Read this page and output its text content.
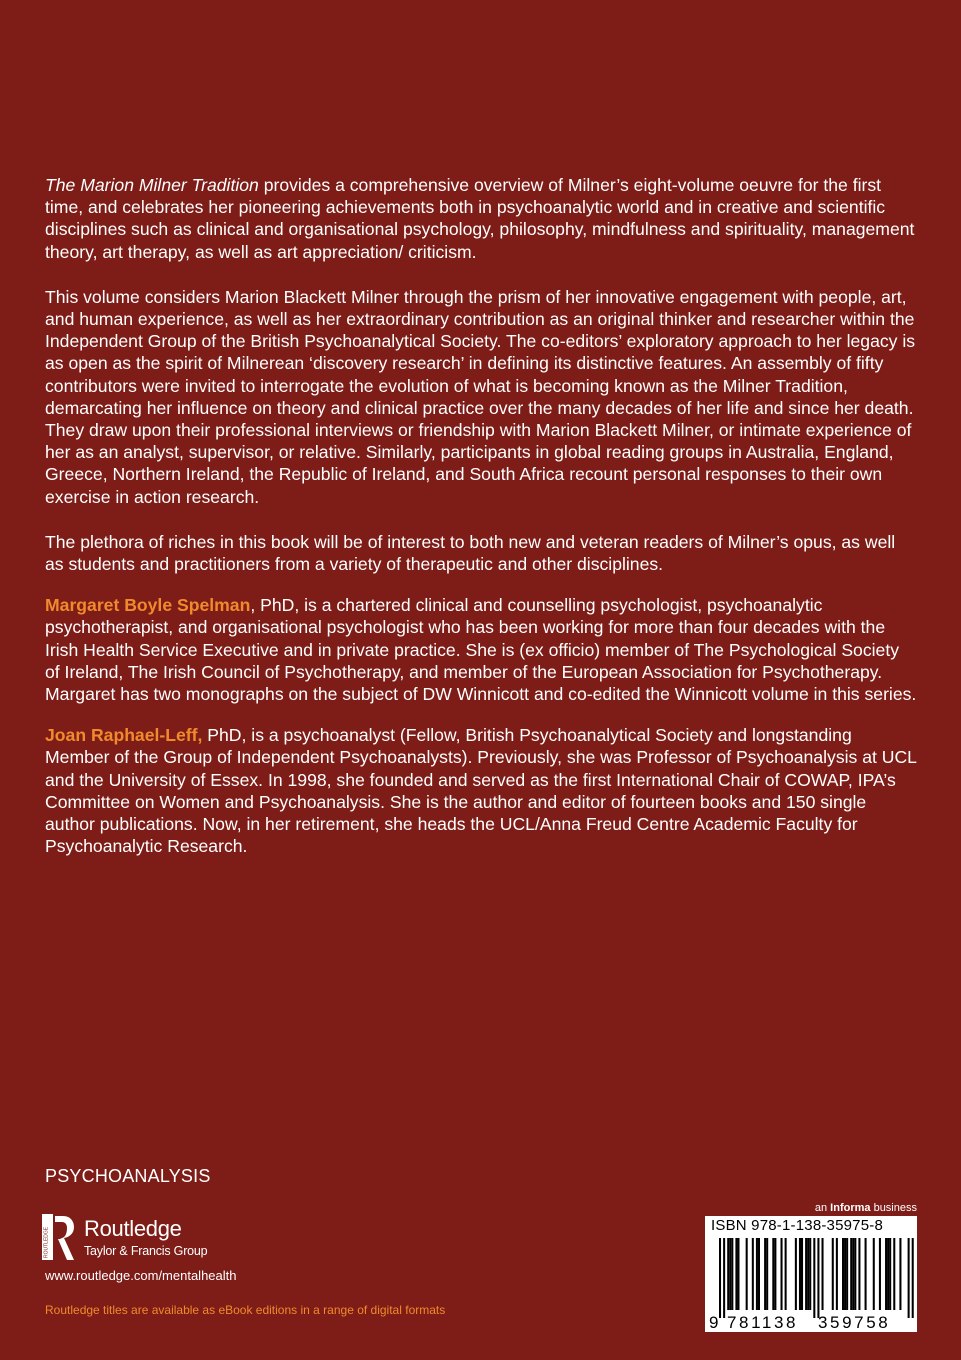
The Marion Milner Tradition provides a comprehensive overview of Milner’s eight-volume oeuvre for the first time, and celebrates her pioneering achievements both in psychoanalytic world and in creative and scientific disciplines such as clinical and organisational psychology, philosophy, mindfulness and spirituality, management theory, art therapy, as well as art appreciation/ criticism.

This volume considers Marion Blackett Milner through the prism of her innovative engagement with people, art, and human experience, as well as her extraordinary contribution as an original thinker and researcher within the Independent Group of the British Psychoanalytical Society. The co-editors’ exploratory approach to her legacy is as open as the spirit of Milnerean ‘discovery research’ in defining its distinctive features. An assembly of fifty contributors were invited to interrogate the evolution of what is becoming known as the Milner Tradition, demarcating her influence on theory and clinical practice over the many decades of her life and since her death. They draw upon their professional interviews or friendship with Marion Blackett Milner, or intimate experience of her as an analyst, supervisor, or relative. Similarly, participants in global reading groups in Australia, England, Greece, Northern Ireland, the Republic of Ireland, and South Africa recount personal responses to their own exercise in action research.

The plethora of riches in this book will be of interest to both new and veteran readers of Milner’s opus, as well as students and practitioners from a variety of therapeutic and other disciplines.

Margaret Boyle Spelman, PhD, is a chartered clinical and counselling psychologist, psychoanalytic psychotherapist, and organisational psychologist who has been working for more than four decades with the Irish Health Service Executive and in private practice. She is (ex officio) member of The Psychological Society of Ireland, The Irish Council of Psychotherapy, and member of the European Association for Psychotherapy. Margaret has two monographs on the subject of DW Winnicott and co-edited the Winnicott volume in this series.

Joan Raphael-Leff, PhD, is a psychoanalyst (Fellow, British Psychoanalytical Society and longstanding Member of the Group of Independent Psychoanalysts). Previously, she was Professor of Psychoanalysis at UCL and the University of Essex. In 1998, she founded and served as the first International Chair of COWAP, IPA’s Committee on Women and Psychoanalysis. She is the author and editor of fourteen books and 150 single author publications. Now, in her retirement, she heads the UCL/Anna Freud Centre Academic Faculty for Psychoanalytic Research.

PSYCHOANALYSIS
ROUTLEDGE Routledge
Taylor & Francis Group
www.routledge.com/mentalhealth
Routledge titles are available as eBook editions in a range of digital formats
an Informa business
ISBN 978-1-138-35975-8
9 781138 359758
